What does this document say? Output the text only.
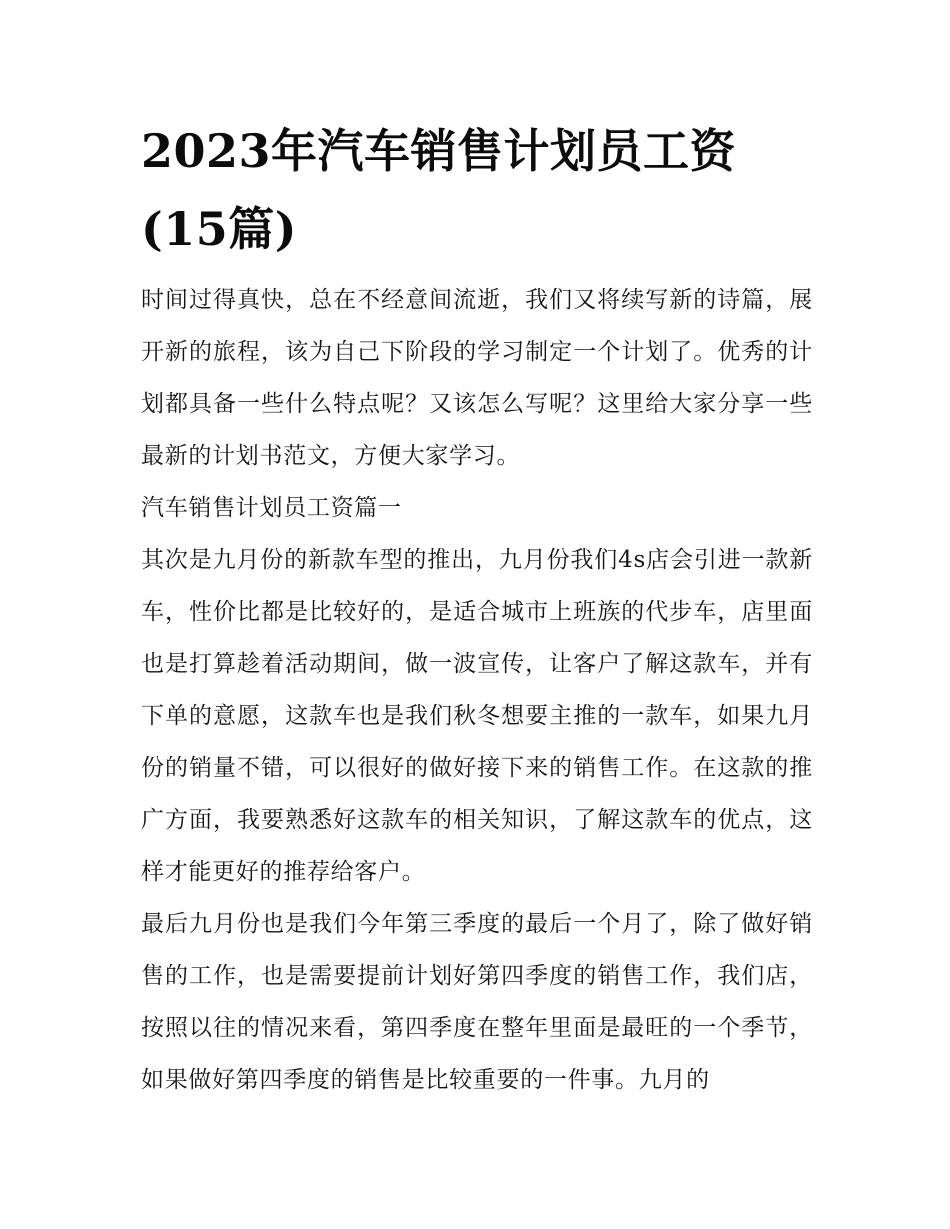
2023年汽车销售计划员工资(15篇)

时间过得真快，总在不经意间流逝，我们又将续写新的诗篇，展开新的旅程，该为自己下阶段的学习制定一个计划了。优秀的计划都具备一些什么特点呢？又该怎么写呢？这里给大家分享一些最新的计划书范文，方便大家学习。

汽车销售计划员工资篇一

其次是九月份的新款车型的推出，九月份我们4s店会引进一款新车，性价比都是比较好的，是适合城市上班族的代步车，店里面也是打算趁着活动期间，做一波宣传，让客户了解这款车，并有下单的意愿，这款车也是我们秋冬想要主推的一款车，如果九月份的销量不错，可以很好的做好接下来的销售工作。在这款的推广方面，我要熟悉好这款车的相关知识，了解这款车的优点，这样才能更好的推荐给客户。

最后九月份也是我们今年第三季度的最后一个月了，除了做好销售的工作，也是需要提前计划好第四季度的销售工作，我们店，按照以往的情况来看，第四季度在整年里面是最旺的一个季节，如果做好第四季度的销售是比较重要的一件事。九月的
